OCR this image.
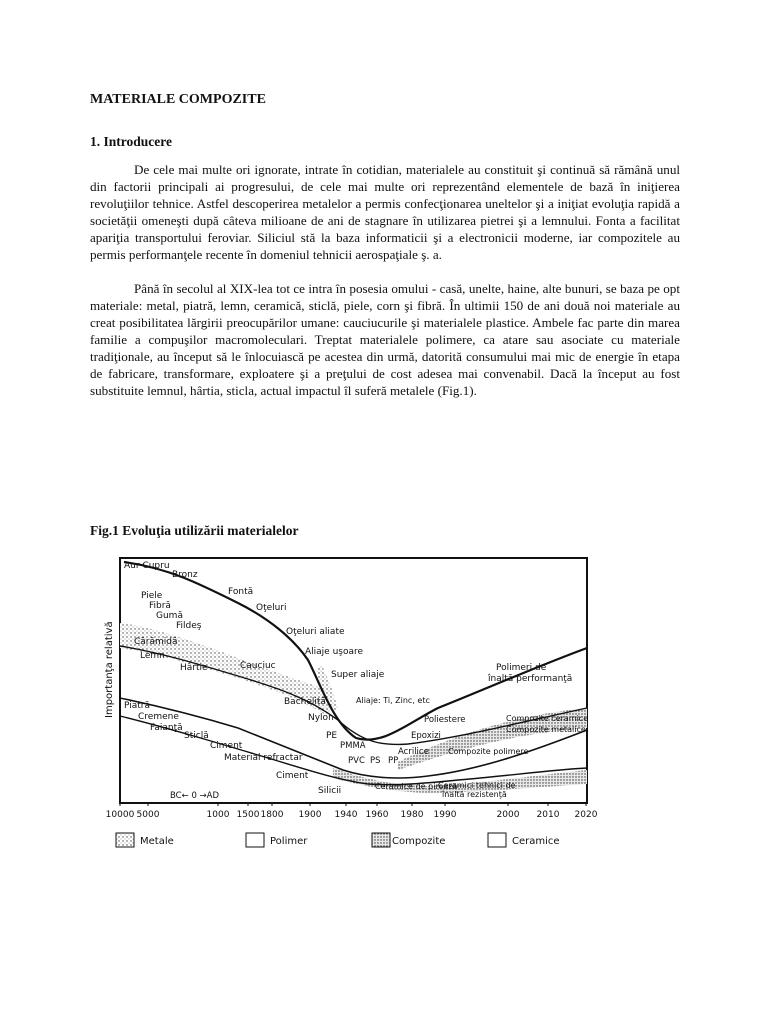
MATERIALE COMPOZITE
1. Introducere

De cele mai multe ori ignorate, intrate în cotidian, materialele au constituit şi continuă să rămână unul din factorii principali ai progresului, de cele mai multe ori reprezentând elementele de bază în iniţierea revoluţiilor tehnice. Astfel descoperirea metalelor a permis confecţionarea uneltelor şi a iniţiat evoluţia rapidă a societăţii omeneşti după câteva milioane de ani de stagnare în utilizarea pietrei şi a lemnului. Fonta a facilitat apariţia transportului feroviar. Siliciul stă la baza informaticii şi a electronicii moderne, iar compozitele au permis performanţele recente în domeniul tehnicii aerospaţiale ş. a.

Până în secolul al XIX-lea tot ce intra în posesia omului - casă, unelte, haine, alte bunuri, se baza pe opt materiale: metal, piatră, lemn, ceramică, sticlă, piele, corn şi fibră. În ultimii 150 de ani două noi materiale au creat posibilitatea lărgirii preocupărilor umane: cauciucurile şi materialele plastice. Ambele fac parte din marea familie a compuşilor macromoleculari. Treptat materialele polimere, ca atare sau asociate cu materiale tradiţionale, au început să le înlocuiască pe acestea din urmă, datorită consumului mai mic de energie în etapa de fabricare, transformare, exploatere şi a preţului de cost adesea mai convenabil. Dacă la început au fost substituite lemnul, hârtia, sticla, actual impactul îl suferă metalele (Fig.1).

Fig.1 Evoluţia utilizării materialelor
Importanţa relativă
Aur Cupru
Bronz
Fontă
Oţeluri
Oţeluri aliate
Aliaje uşoare
Super aliaje
Aliaje: Ti, Zinc, etc
Piele
Fibră
Gumă
Fildeş
Cauciuc
Bachelită
Nylon
PE
PMMA
PVC PS PP
Acrilice
Epoxizi
Poliestere
Polimeri de înaltă performanţă
Cărămidă
Lemn
Hârtie
Compozite ceramice
Compozite metalice
Compozite polimere
Piatră
Cremene
Faianţă
Sticlă
Ciment
Material refractar
Ciment
Silicii	Ceramice de piroază
Ceramici tehnici de înaltă rezistenţă
BC← 0 →AD
10000 5000	1000 1500 1800 1900 1940 1960 1980 1990	2000 2010 2020
Metale	Polimer	Compozite	Ceramice
